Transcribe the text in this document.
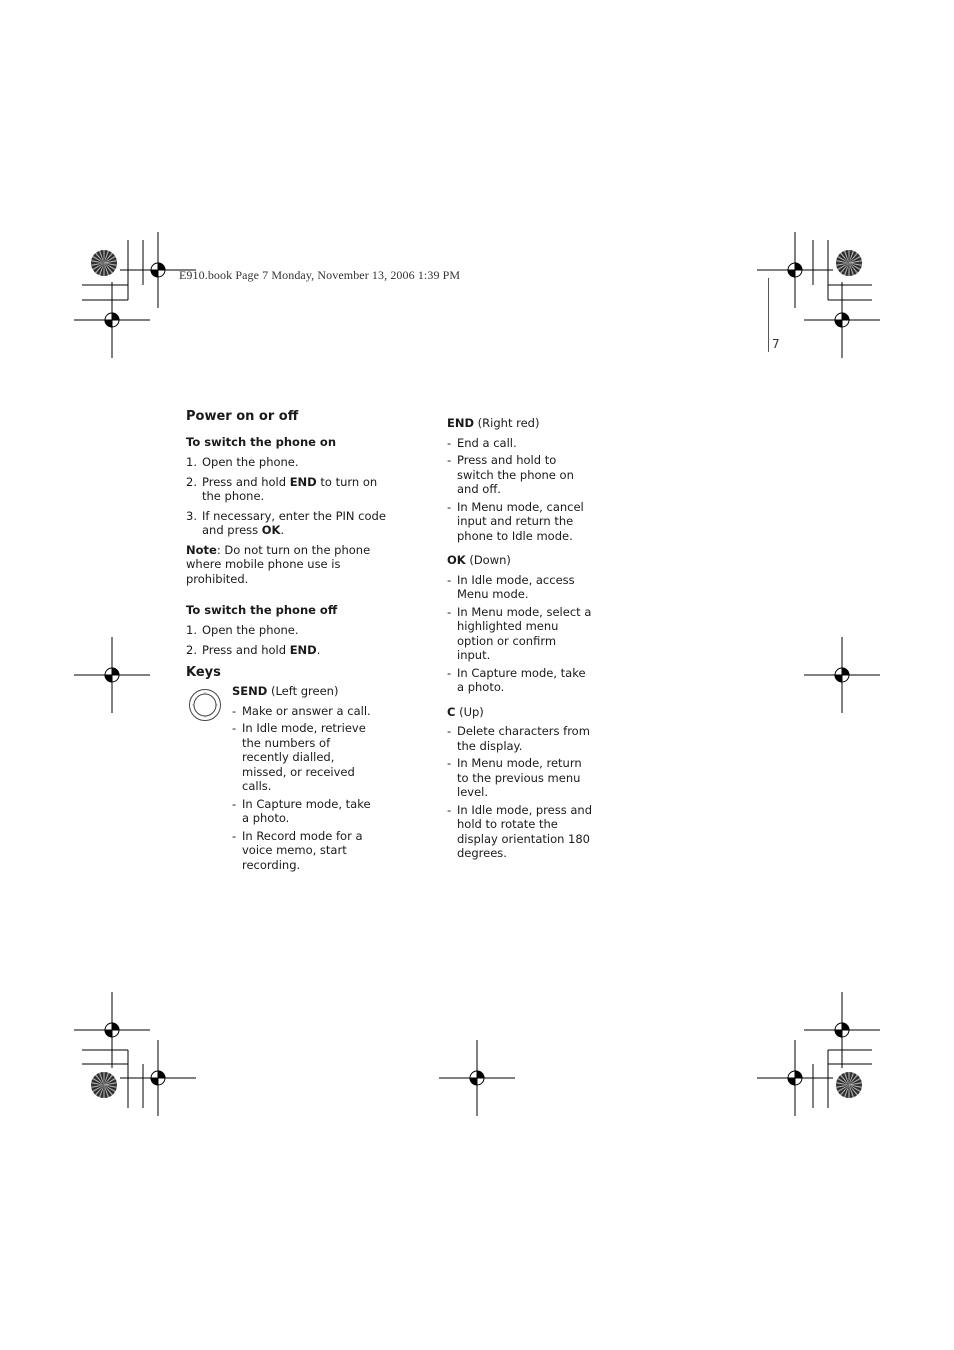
E910.book Page 7 Monday, November 13, 2006 1:39 PM
7
Power on or off
To switch the phone on
1. Open the phone.
2. Press and hold END to turn on the phone.
3. If necessary, enter the PIN code and press OK.

Note: Do not turn on the phone where mobile phone use is prohibited.

To switch the phone off
1. Open the phone.
2. Press and hold END.
Keys

SEND (Left green)

- Make or answer a call.
- In Idle mode, retrieve the numbers of recently dialled, missed, or received calls.
- In Capture mode, take a photo.
- In Record mode for a voice memo, start recording.

END (Right red)

- End a call.
- Press and hold to switch the phone on and off.
- In Menu mode, cancel input and return the phone to Idle mode.

OK (Down)

- In Idle mode, access Menu mode.
- In Menu mode, select a highlighted menu option or confirm input.
- In Capture mode, take a photo.

C (Up)

- Delete characters from the display.
- In Menu mode, return to the previous menu level.
- In Idle mode, press and hold to rotate the display orientation 180 degrees.
